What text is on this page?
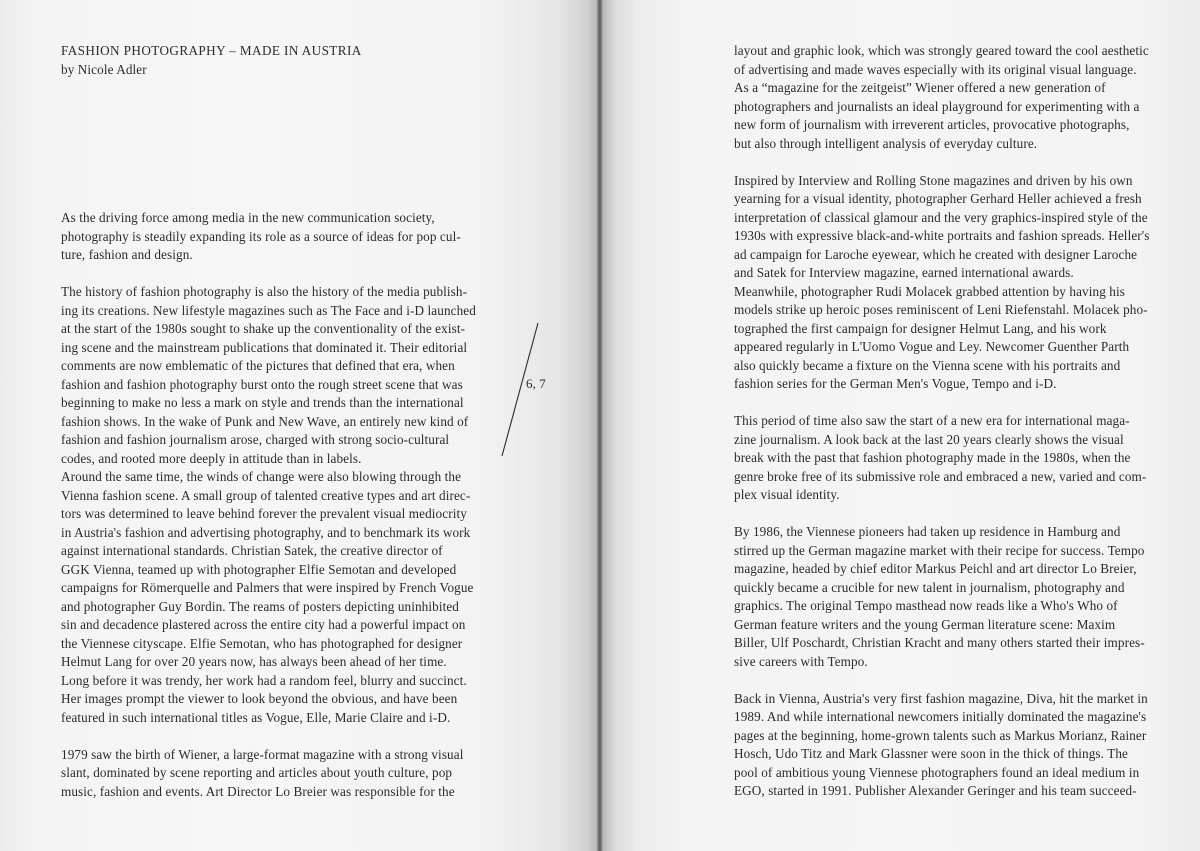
FASHION PHOTOGRAPHY – MADE IN AUSTRIA
by Nicole Adler

As the driving force among media in the new communication society,
photography is steadily expanding its role as a source of ideas for pop cul-
ture, fashion and design.

The history of fashion photography is also the history of the media publish-
ing its creations. New lifestyle magazines such as The Face and i-D launched
at the start of the 1980s sought to shake up the conventionality of the exist-
ing scene and the mainstream publications that dominated it. Their editorial
comments are now emblematic of the pictures that defined that era, when
fashion and fashion photography burst onto the rough street scene that was
beginning to make no less a mark on style and trends than the international
fashion shows. In the wake of Punk and New Wave, an entirely new kind of
fashion and fashion journalism arose, charged with strong socio-cultural
codes, and rooted more deeply in attitude than in labels.

Around the same time, the winds of change were also blowing through the
Vienna fashion scene. A small group of talented creative types and art direc-
tors was determined to leave behind forever the prevalent visual mediocrity
in Austria's fashion and advertising photography, and to benchmark its work
against international standards. Christian Satek, the creative director of
GGK Vienna, teamed up with photographer Elfie Semotan and developed
campaigns for Römerquelle and Palmers that were inspired by French Vogue
and photographer Guy Bordin. The reams of posters depicting uninhibited
sin and decadence plastered across the entire city had a powerful impact on
the Viennese cityscape. Elfie Semotan, who has photographed for designer
Helmut Lang for over 20 years now, has always been ahead of her time.
Long before it was trendy, her work had a random feel, blurry and succinct.
Her images prompt the viewer to look beyond the obvious, and have been
featured in such international titles as Vogue, Elle, Marie Claire and i-D.

1979 saw the birth of Wiener, a large-format magazine with a strong visual
slant, dominated by scene reporting and articles about youth culture, pop
music, fashion and events. Art Director Lo Breier was responsible for the

6, 7

layout and graphic look, which was strongly geared toward the cool aesthetic
of advertising and made waves especially with its original visual language.
As a “magazine for the zeitgeist” Wiener offered a new generation of
photographers and journalists an ideal playground for experimenting with a
new form of journalism with irreverent articles, provocative photographs,
but also through intelligent analysis of everyday culture.

Inspired by Interview and Rolling Stone magazines and driven by his own
yearning for a visual identity, photographer Gerhard Heller achieved a fresh
interpretation of classical glamour and the very graphics-inspired style of the
1930s with expressive black-and-white portraits and fashion spreads. Heller's
ad campaign for Laroche eyewear, which he created with designer Laroche
and Satek for Interview magazine, earned international awards.

Meanwhile, photographer Rudi Molacek grabbed attention by having his
models strike up heroic poses reminiscent of Leni Riefenstahl. Molacek pho-
tographed the first campaign for designer Helmut Lang, and his work
appeared regularly in L'Uomo Vogue and Ley. Newcomer Guenther Parth
also quickly became a fixture on the Vienna scene with his portraits and
fashion series for the German Men's Vogue, Tempo and i-D.

This period of time also saw the start of a new era for international maga-
zine journalism. A look back at the last 20 years clearly shows the visual
break with the past that fashion photography made in the 1980s, when the
genre broke free of its submissive role and embraced a new, varied and com-
plex visual identity.

By 1986, the Viennese pioneers had taken up residence in Hamburg and
stirred up the German magazine market with their recipe for success. Tempo
magazine, headed by chief editor Markus Peichl and art director Lo Breier,
quickly became a crucible for new talent in journalism, photography and
graphics. The original Tempo masthead now reads like a Who's Who of
German feature writers and the young German literature scene: Maxim
Biller, Ulf Poschardt, Christian Kracht and many others started their impres-
sive careers with Tempo.

Back in Vienna, Austria's very first fashion magazine, Diva, hit the market in
1989. And while international newcomers initially dominated the magazine's
pages at the beginning, home-grown talents such as Markus Morianz, Rainer
Hosch, Udo Titz and Mark Glassner were soon in the thick of things. The
pool of ambitious young Viennese photographers found an ideal medium in
EGO, started in 1991. Publisher Alexander Geringer and his team succeed-
